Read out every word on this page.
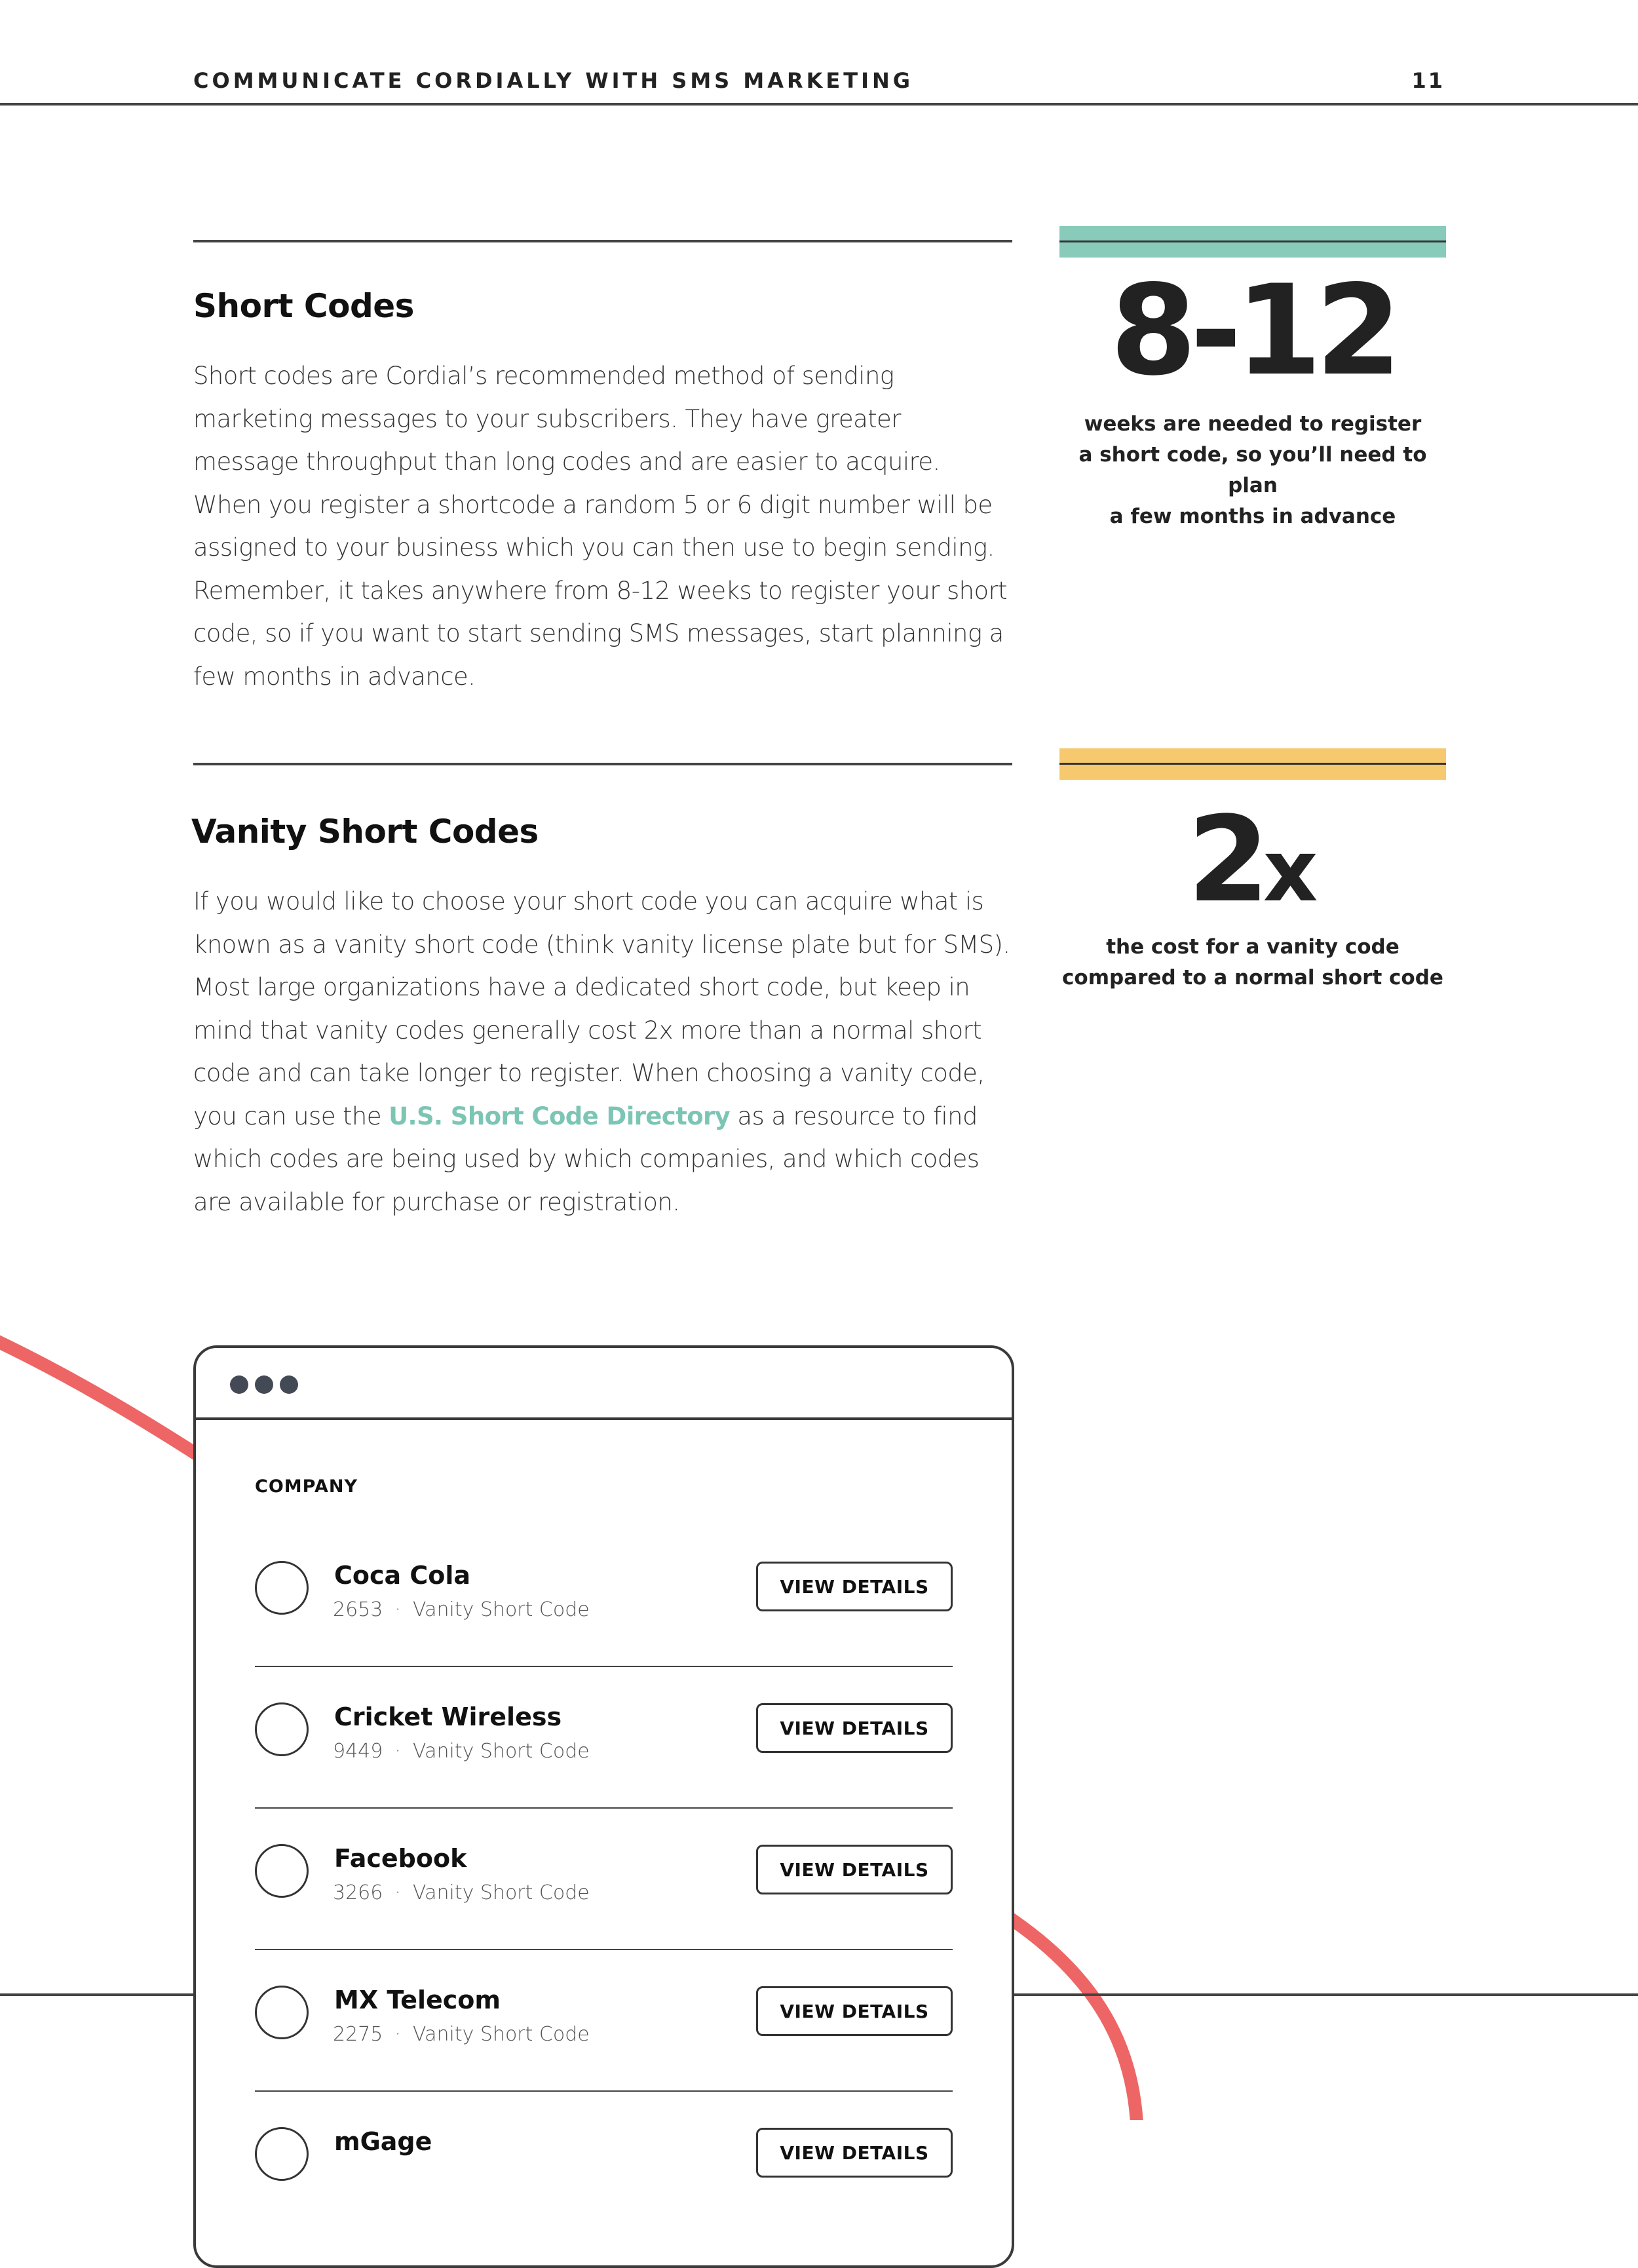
COMMUNICATE CORDIALLY WITH SMS MARKETING	11
Short Codes
Short codes are Cordial’s recommended method of sending marketing messages to your subscribers. They have greater message throughput than long codes and are easier to acquire. When you register a shortcode a random 5 or 6 digit number will be assigned to your business which you can then use to begin sending. Remember, it takes anywhere from 8-12 weeks to register your short code, so if you want to start sending SMS messages, start planning a few months in advance.
8-12
weeks are needed to register
a short code, so you’ll need to plan
a few months in advance
Vanity Short Codes
If you would like to choose your short code you can acquire what is known as a vanity short code (think vanity license plate but for SMS). Most large organizations have a dedicated short code, but keep in mind that vanity codes generally cost 2x more than a normal short code and can take longer to register. When choosing a vanity code, you can use the U.S. Short Code Directory as a resource to find which codes are being used by which companies, and which codes are available for purchase or registration.
2x
the cost for a vanity code
compared to a normal short code
COMPANY
Coca Cola
2653 · Vanity Short Code
VIEW DETAILS
Cricket Wireless
9449 · Vanity Short Code
VIEW DETAILS
Facebook
3266 · Vanity Short Code
VIEW DETAILS
MX Telecom
2275 · Vanity Short Code
VIEW DETAILS
mGage	VIEW DETAILS
